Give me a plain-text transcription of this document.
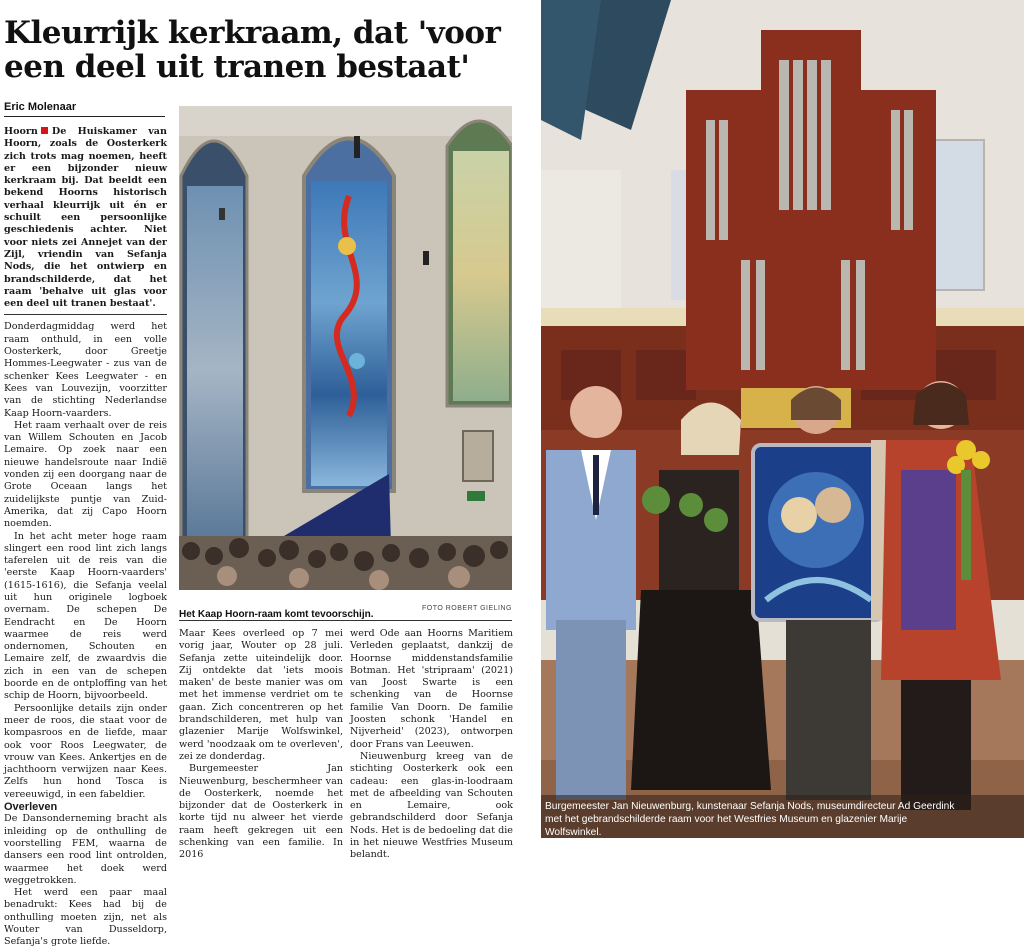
Kleurrijk kerkraam, dat 'voor een deel uit tranen bestaat'
Eric Molenaar

Hoorn De Huiskamer van Hoorn, zoals de Oosterkerk zich trots mag noemen, heeft er een bijzonder nieuw kerkraam bij. Dat beeldt een bekend Hoorns historisch verhaal kleurrijk uit én er schuilt een persoonlijke geschiedenis achter. Niet voor niets zei Annejet van der Zijl, vriendin van Sefanja Nods, die het ontwierp en brandschilderde, dat het raam 'behalve uit glas voor een deel uit tranen bestaat'.

Donderdagmiddag werd het raam onthuld, in een volle Oosterkerk, door Greetje Hommes-Leegwater - zus van de schenker Kees Leegwater - en Kees van Louvezijn, voorzitter van de stichting Nederlandse Kaap Hoorn-vaarders.

Het raam verhaalt over de reis van Willem Schouten en Jacob Lemaire. Op zoek naar een nieuwe handelsroute naar Indië vonden zij een doorgang naar de Grote Oceaan langs het zuidelijkste puntje van Zuid-Amerika, dat zij Capo Hoorn noemden.

In het acht meter hoge raam slingert een rood lint zich langs taferelen uit de reis van die 'eerste Kaap Hoorn-vaarders' (1615-1616), die Sefanja veelal uit hun originele logboek overnam. De schepen De Eendracht en De Hoorn waarmee de reis werd ondernomen, Schouten en Lemaire zelf, de zwaardvis die zich in een van de schepen boorde en de ontploffing van het schip de Hoorn, bijvoorbeeld.

Persoonlijke details zijn onder meer de roos, die staat voor de kompasroos en de liefde, maar ook voor Roos Leegwater, de vrouw van Kees. Ankertjes en de jachthoorn verwijzen naar Kees. Zelfs hun hond Tosca is vereeuwigd, in een fabeldier.

Overleven

De Dansonderneming bracht als inleiding op de onthulling de voorstelling FEM, waarna de dansers een rood lint ontrolden, waarmee het doek werd weggetrokken.

Het werd een paar maal benadrukt: Kees had bij de onthulling moeten zijn, net als Wouter van Dusseldorp, Sefanja's grote liefde.

Het Kaap Hoorn-raam komt tevoorschijn.
FOTO ROBERT GIELING

Maar Kees overleed op 7 mei vorig jaar, Wouter op 28 juli. Sefanja zette uiteindelijk door. Zij ontdekte dat 'iets moois maken' de beste manier was om met het immense verdriet om te gaan. Zich concentreren op het brandschilderen, met hulp van glazenier Marije Wolfswinkel, werd 'noodzaak om te overleven', zei ze donderdag.

Burgemeester Jan Nieuwenburg, beschermheer van de Oosterkerk, noemde het bijzonder dat de Oosterkerk in korte tijd nu alweer het vierde raam heeft gekregen uit een schenking van een familie. In 2016

werd Ode aan Hoorns Maritiem Verleden geplaatst, dankzij de Hoornse middenstandsfamilie Botman. Het 'stripraam' (2021) van Joost Swarte is een schenking van de Hoornse familie Van Doorn. De familie Joosten schonk 'Handel en Nijverheid' (2023), ontworpen door Frans van Leeuwen.

Nieuwenburg kreeg van de stichting Oosterkerk ook een cadeau: een glas-in-loodraam met de afbeelding van Schouten en Lemaire, ook gebrandschilderd door Sefanja Nods. Het is de bedoeling dat die in het nieuwe Westfries Museum belandt.

Burgemeester Jan Nieuwenburg, kunstenaar Sefanja Nods, museumdirecteur Ad Geerdink met het gebrandschilderde raam voor het Westfries Museum en glazenier Marije Wolfswinkel.
